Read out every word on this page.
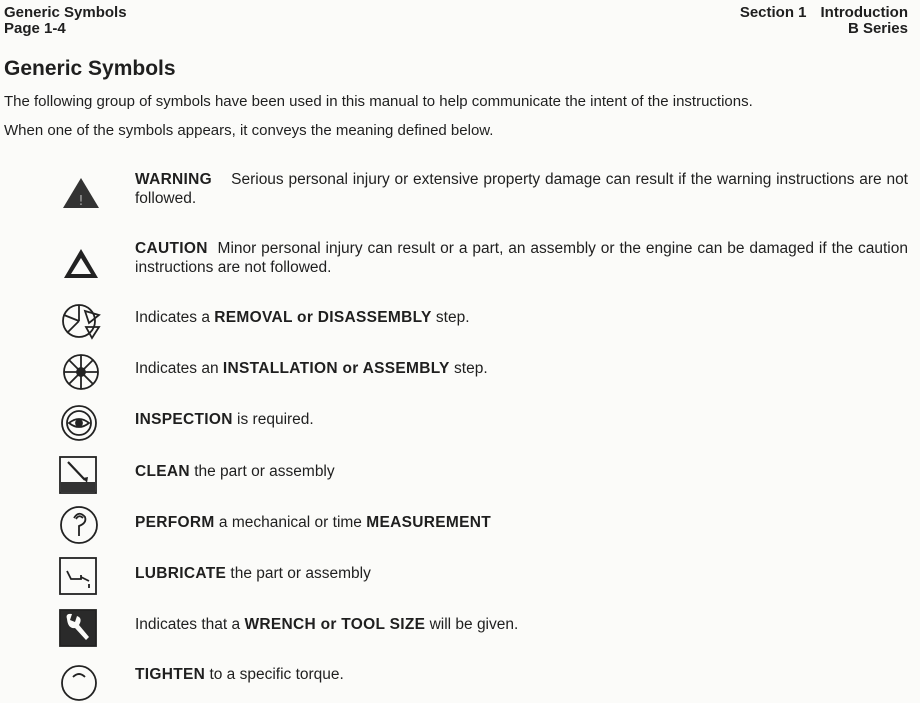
Generic Symbols
Page 1-4
Section 1 Introduction
B Series
Generic Symbols
The following group of symbols have been used in this manual to help communicate the intent of the instructions.
When one of the symbols appears, it conveys the meaning defined below.
!
WARNING Serious personal injury or extensive property damage can result if the warning instructions are not followed.
CAUTION Minor personal injury can result or a part, an assembly or the engine can be damaged if the caution instructions are not followed.
Indicates a REMOVAL or DISASSEMBLY step.
Indicates an INSTALLATION or ASSEMBLY step.
INSPECTION is required.
CLEAN the part or assembly
PERFORM a mechanical or time MEASUREMENT
LUBRICATE the part or assembly
Indicates that a WRENCH or TOOL SIZE will be given.
TIGHTEN to a specific torque.
